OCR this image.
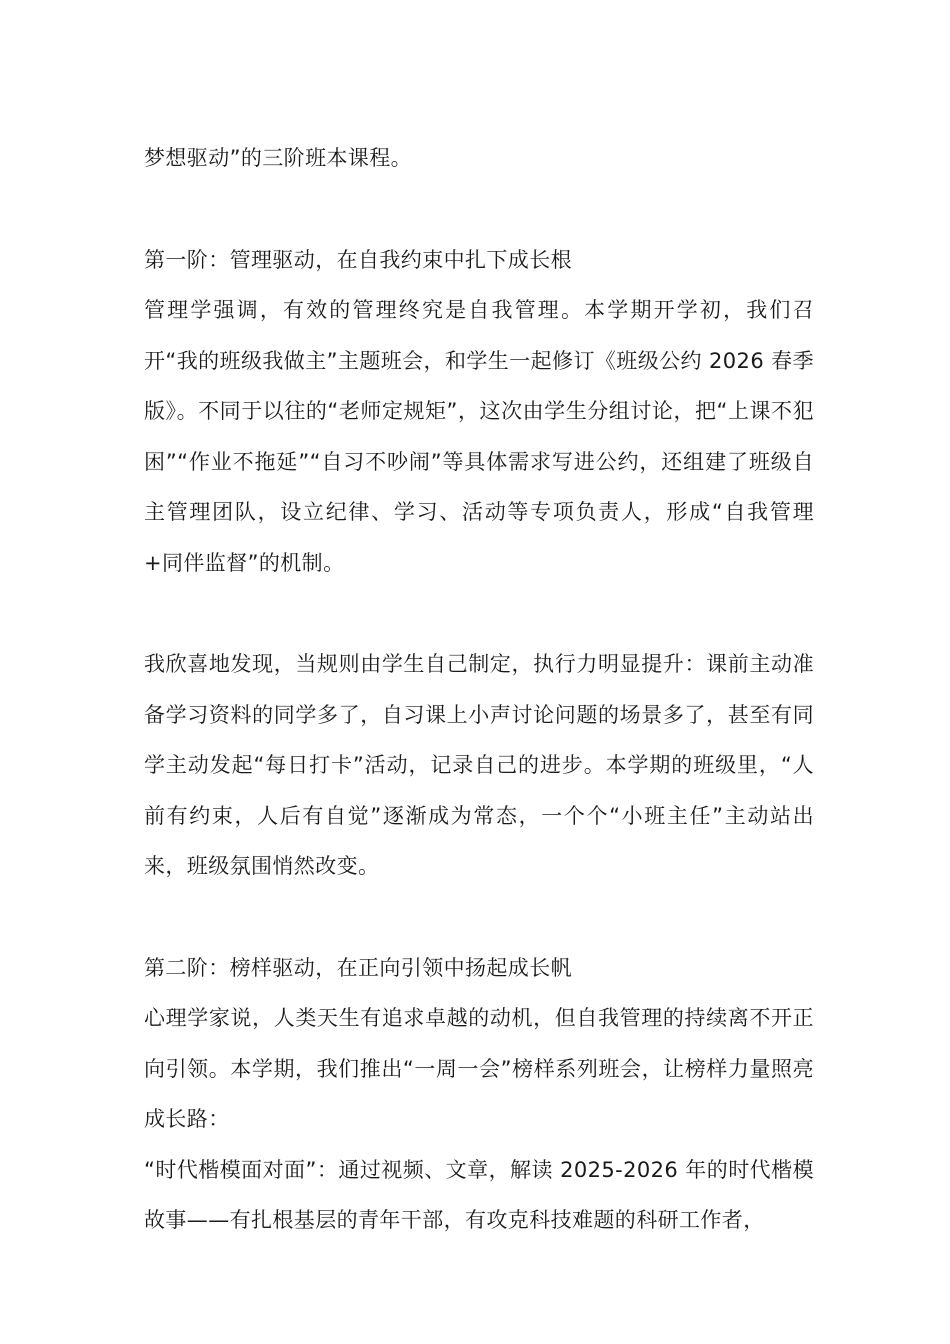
梦想驱动”的三阶班本课程。

第一阶：管理驱动，在自我约束中扎下成长根

管理学强调，有效的管理终究是自我管理。本学期开学初，我们召开“我的班级我做主”主题班会，和学生一起修订《班级公约 2026 春季版》。不同于以往的“老师定规矩”，这次由学生分组讨论，把“上课不犯困”“作业不拖延”“自习不吵闹”等具体需求写进公约，还组建了班级自主管理团队，设立纪律、学习、活动等专项负责人，形成“自我管理+同伴监督”的机制。

我欣喜地发现，当规则由学生自己制定，执行力明显提升：课前主动准备学习资料的同学多了，自习课上小声讨论问题的场景多了，甚至有同学主动发起“每日打卡”活动，记录自己的进步。本学期的班级里，“人前有约束，人后有自觉”逐渐成为常态，一个个“小班主任”主动站出来，班级氛围悄然改变。

第二阶：榜样驱动，在正向引领中扬起成长帆

心理学家说，人类天生有追求卓越的动机，但自我管理的持续离不开正向引领。本学期，我们推出“一周一会”榜样系列班会，让榜样力量照亮成长路：

“时代楷模面对面”：通过视频、文章，解读 2025-2026 年的时代楷模故事——有扎根基层的青年干部，有攻克科技难题的科研工作者，
